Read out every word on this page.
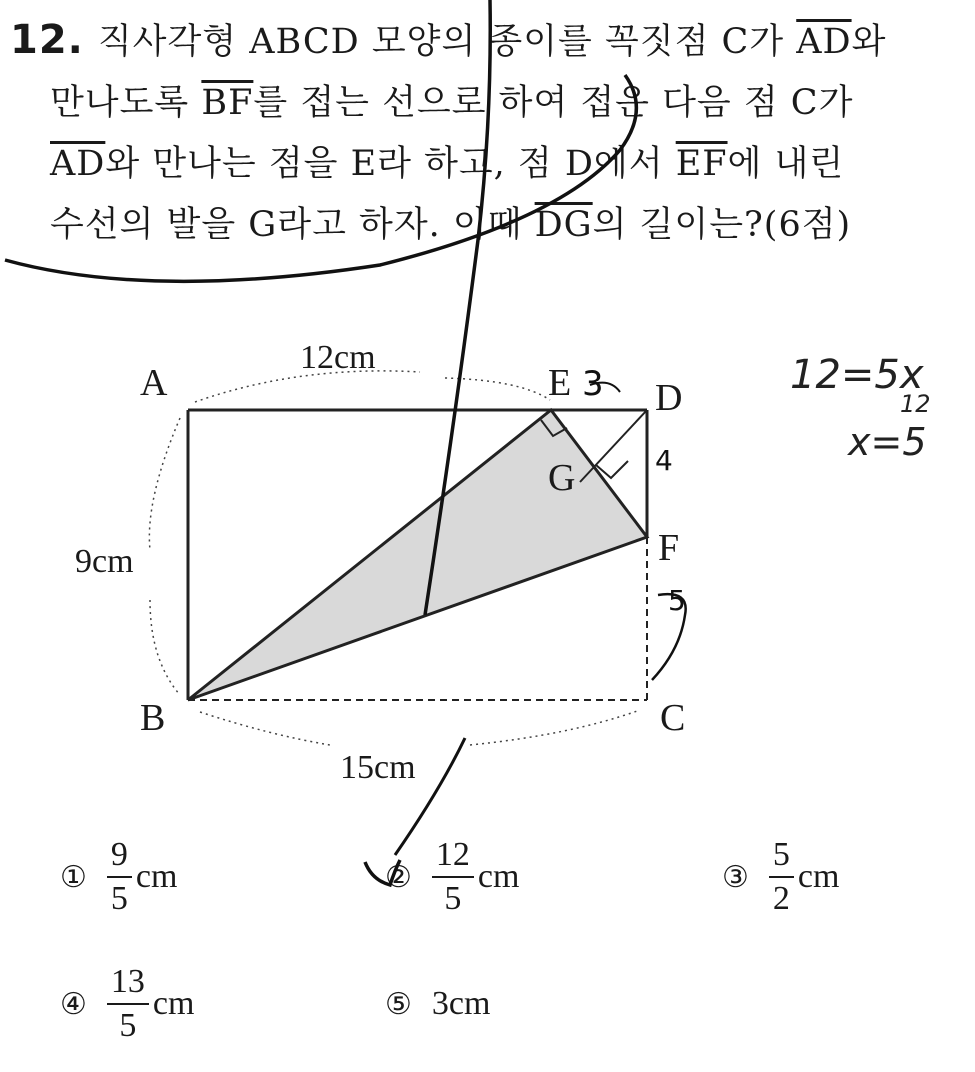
12. 직사각형 ABCD 모양의 종이를 꼭짓점 C가 $\overline{AD}$와

만나도록 $\overline{BF}$를 접는 선으로 하여 접은 다음 점 C가

$\overline{AD}$와 만나는 점을 E라 하고, 점 D에서 $\overline{EF}$에 내린

수선의 발을 G라고 하자. 이때 $\overline{DG}$의 길이는?(6점)

A
B	C
D
E
F
G
12cm
9cm
15cm
① $\frac{9}{5}$ cm	② $\frac{12}{5}$ cm	③ $\frac{5}{2}$ cm
④ $\frac{13}{5}$ cm	⑤ 3cm
3
4
5
12=5x
12
x=5
